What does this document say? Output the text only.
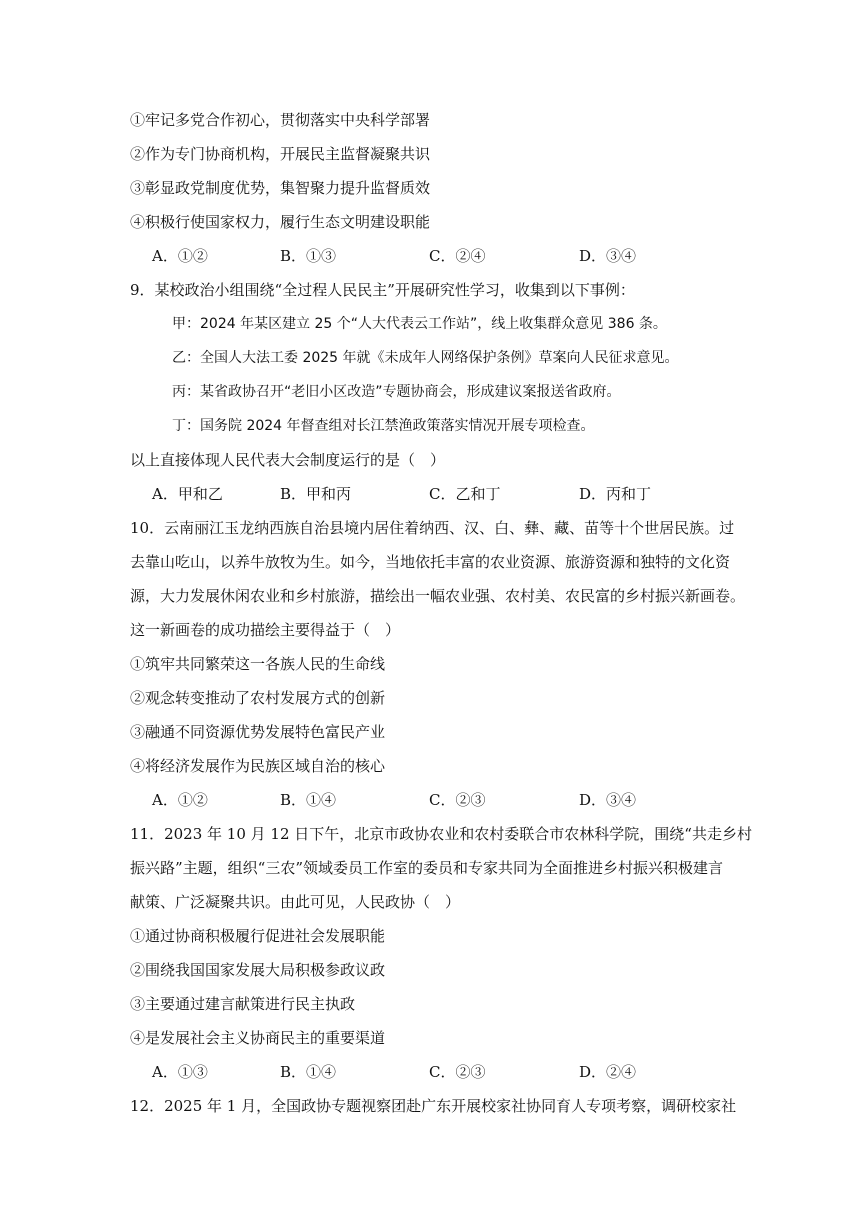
①牢记多党合作初心，贯彻落实中央科学部署
②作为专门协商机构，开展民主监督凝聚共识
③彰显政党制度优势，集智聚力提升监督质效
④积极行使国家权力，履行生态文明建设职能
A．①②	B．①③	C．②④	D．③④
9．某校政治小组围绕“全过程人民民主”开展研究性学习，收集到以下事例：
甲：2024 年某区建立 25 个“人大代表云工作站”，线上收集群众意见 386 条。
乙：全国人大法工委 2025 年就《未成年人网络保护条例》草案向人民征求意见。
丙：某省政协召开“老旧小区改造”专题协商会，形成建议案报送省政府。
丁：国务院 2024 年督查组对长江禁渔政策落实情况开展专项检查。
以上直接体现人民代表大会制度运行的是（　）
A．甲和乙	B．甲和丙	C．乙和丁	D．丙和丁
10．云南丽江玉龙纳西族自治县境内居住着纳西、汉、白、彝、藏、苗等十个世居民族。过
去靠山吃山，以养牛放牧为生。如今，当地依托丰富的农业资源、旅游资源和独特的文化资
源，大力发展休闲农业和乡村旅游，描绘出一幅农业强、农村美、农民富的乡村振兴新画卷。
这一新画卷的成功描绘主要得益于（　）
①筑牢共同繁荣这一各族人民的生命线
②观念转变推动了农村发展方式的创新
③融通不同资源优势发展特色富民产业
④将经济发展作为民族区域自治的核心
A．①②	B．①④	C．②③	D．③④
11．2023 年 10 月 12 日下午，北京市政协农业和农村委联合市农林科学院，围绕“共走乡村
振兴路”主题，组织“三农”领域委员工作室的委员和专家共同为全面推进乡村振兴积极建言
献策、广泛凝聚共识。由此可见，人民政协（　）
①通过协商积极履行促进社会发展职能
②围绕我国国家发展大局积极参政议政
③主要通过建言献策进行民主执政
④是发展社会主义协商民主的重要渠道
A．①③	B．①④	C．②③	D．②④
12．2025 年 1 月，全国政协专题视察团赴广东开展校家社协同育人专项考察，调研校家社
